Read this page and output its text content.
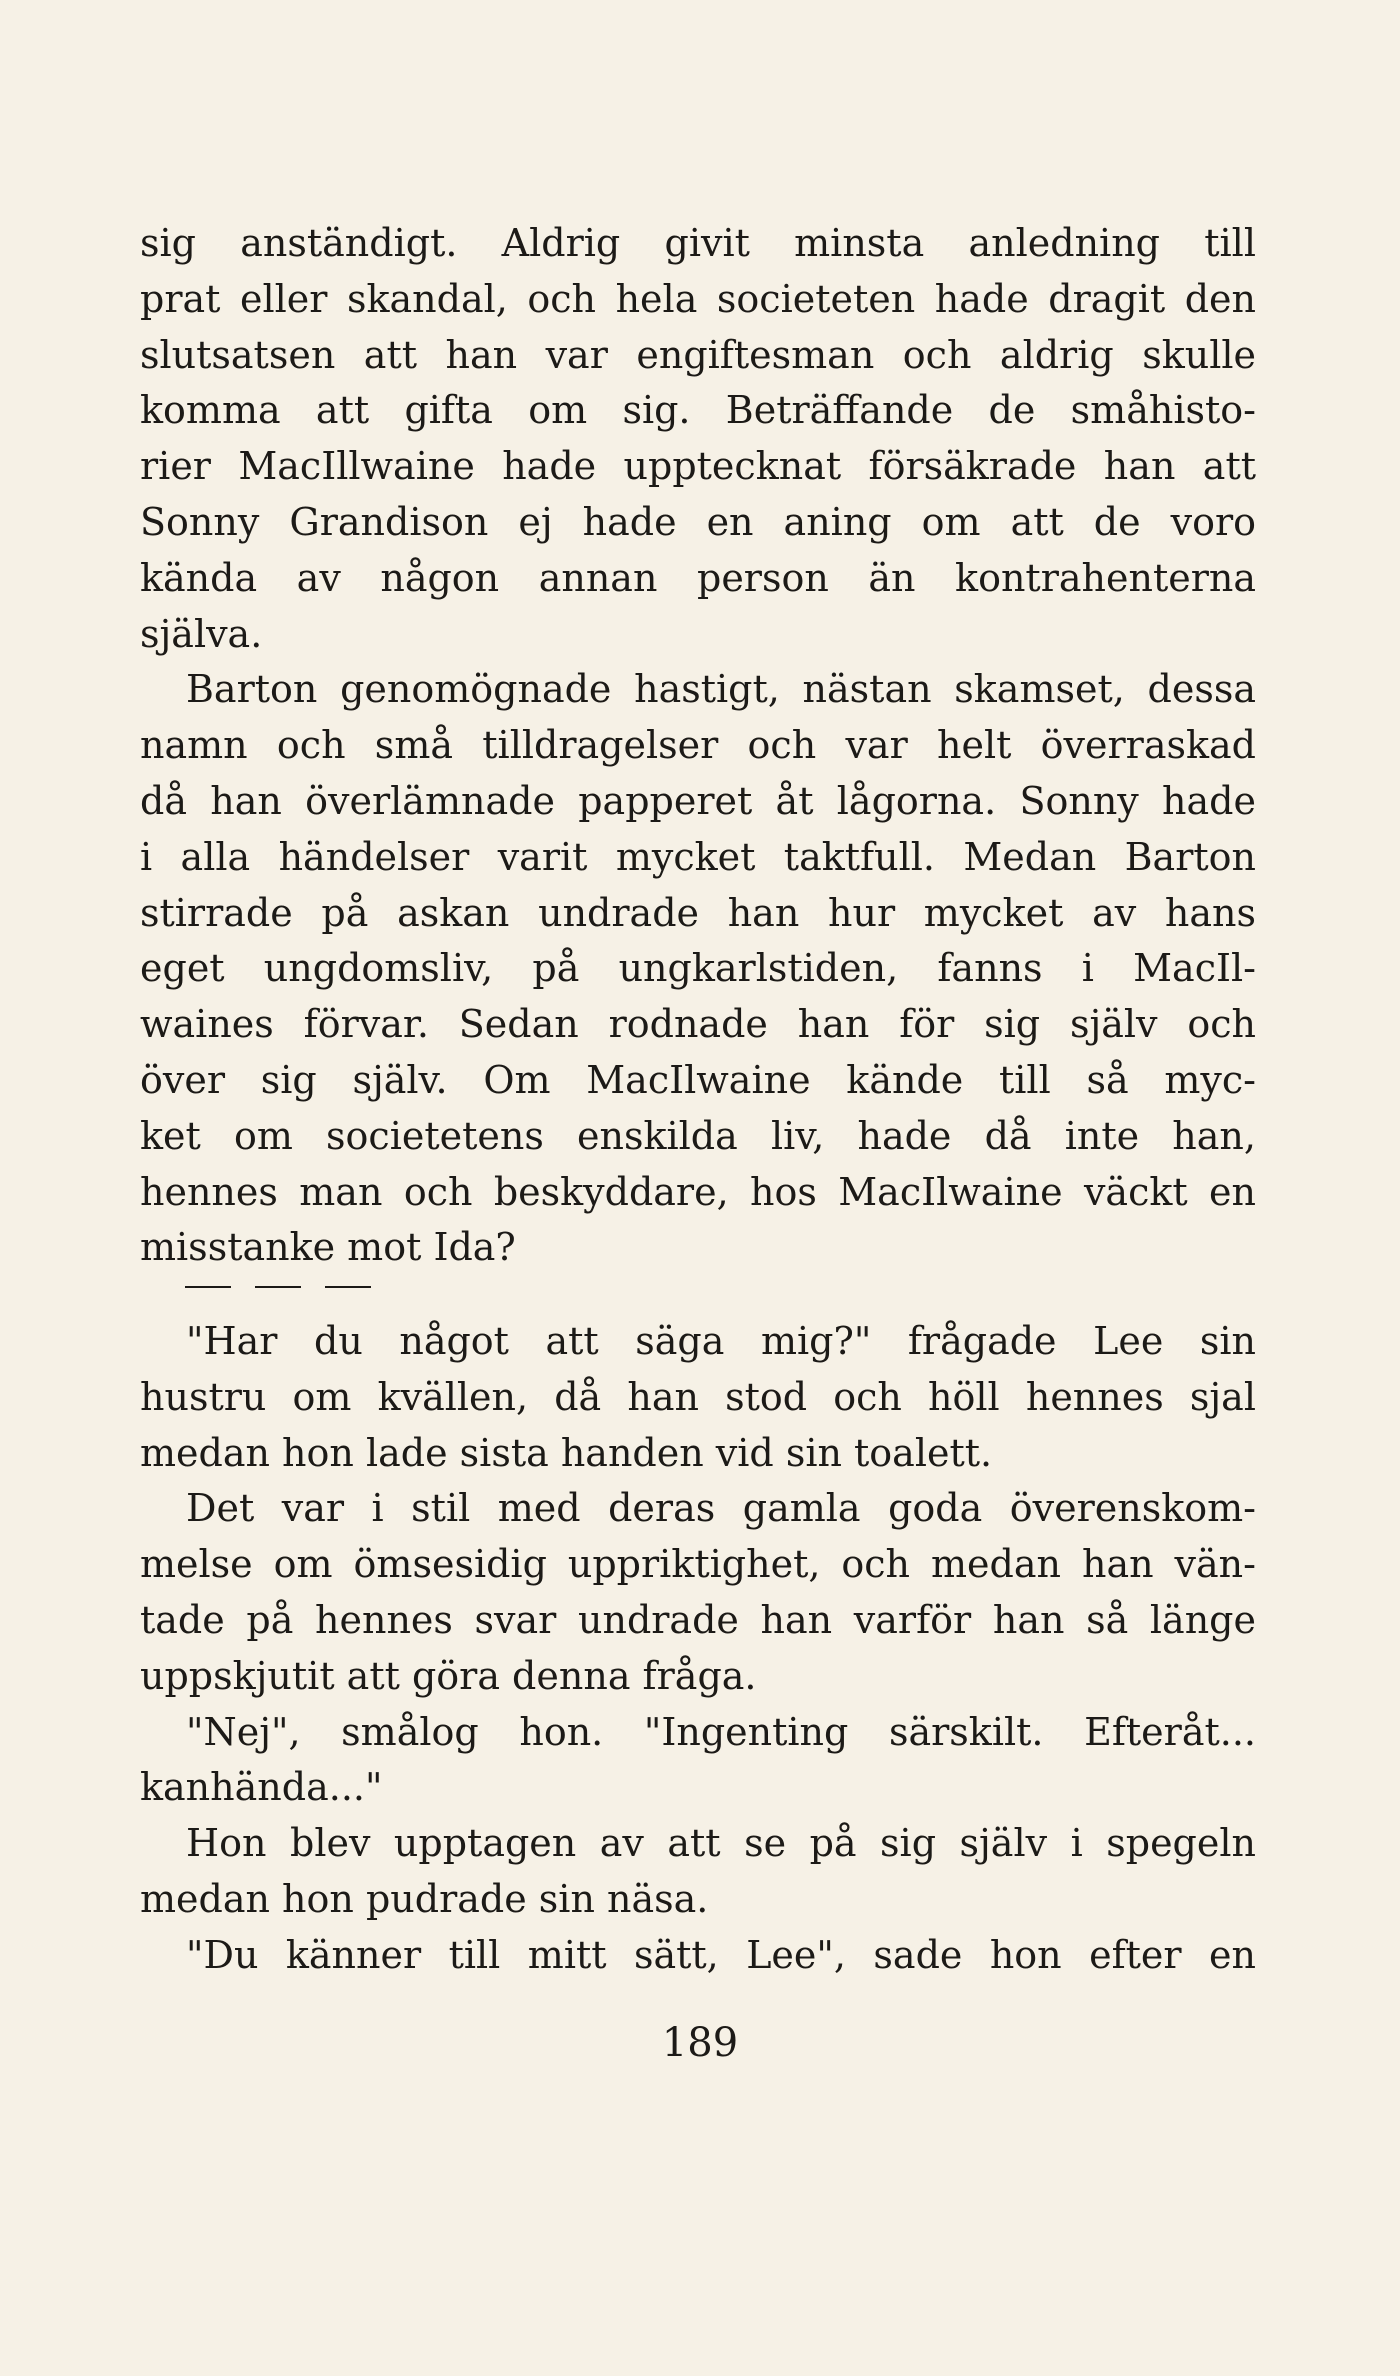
sig anständigt. Aldrig givit minsta anledning till
prat eller skandal, och hela societeten hade dragit den
slutsatsen att han var engiftesman och aldrig skulle
komma att gifta om sig. Beträffande de småhisto-
rier MacIllwaine hade upptecknat försäkrade han att
Sonny Grandison ej hade en aning om att de voro
kända av någon annan person än kontrahenterna
själva.
Barton genomögnade hastigt, nästan skamset, dessa
namn och små tilldragelser och var helt överraskad
då han överlämnade papperet åt lågorna. Sonny hade
i alla händelser varit mycket taktfull. Medan Barton
stirrade på askan undrade han hur mycket av hans
eget ungdomsliv, på ungkarlstiden, fanns i MacIl-
waines förvar. Sedan rodnade han för sig själv och
över sig själv. Om MacIlwaine kände till så myc-
ket om societetens enskilda liv, hade då inte han,
hennes man och beskyddare, hos MacIlwaine väckt en
misstanke mot Ida?
"Har du något att säga mig?" frågade Lee sin
hustru om kvällen, då han stod och höll hennes sjal
medan hon lade sista handen vid sin toalett.
Det var i stil med deras gamla goda överenskom-
melse om ömsesidig uppriktighet, och medan han vän-
tade på hennes svar undrade han varför han så länge
uppskjutit att göra denna fråga.
"Nej", smålog hon. "Ingenting särskilt. Efteråt...
kanhända..."
Hon blev upptagen av att se på sig själv i spegeln
medan hon pudrade sin näsa.
"Du känner till mitt sätt, Lee", sade hon efter en
189
